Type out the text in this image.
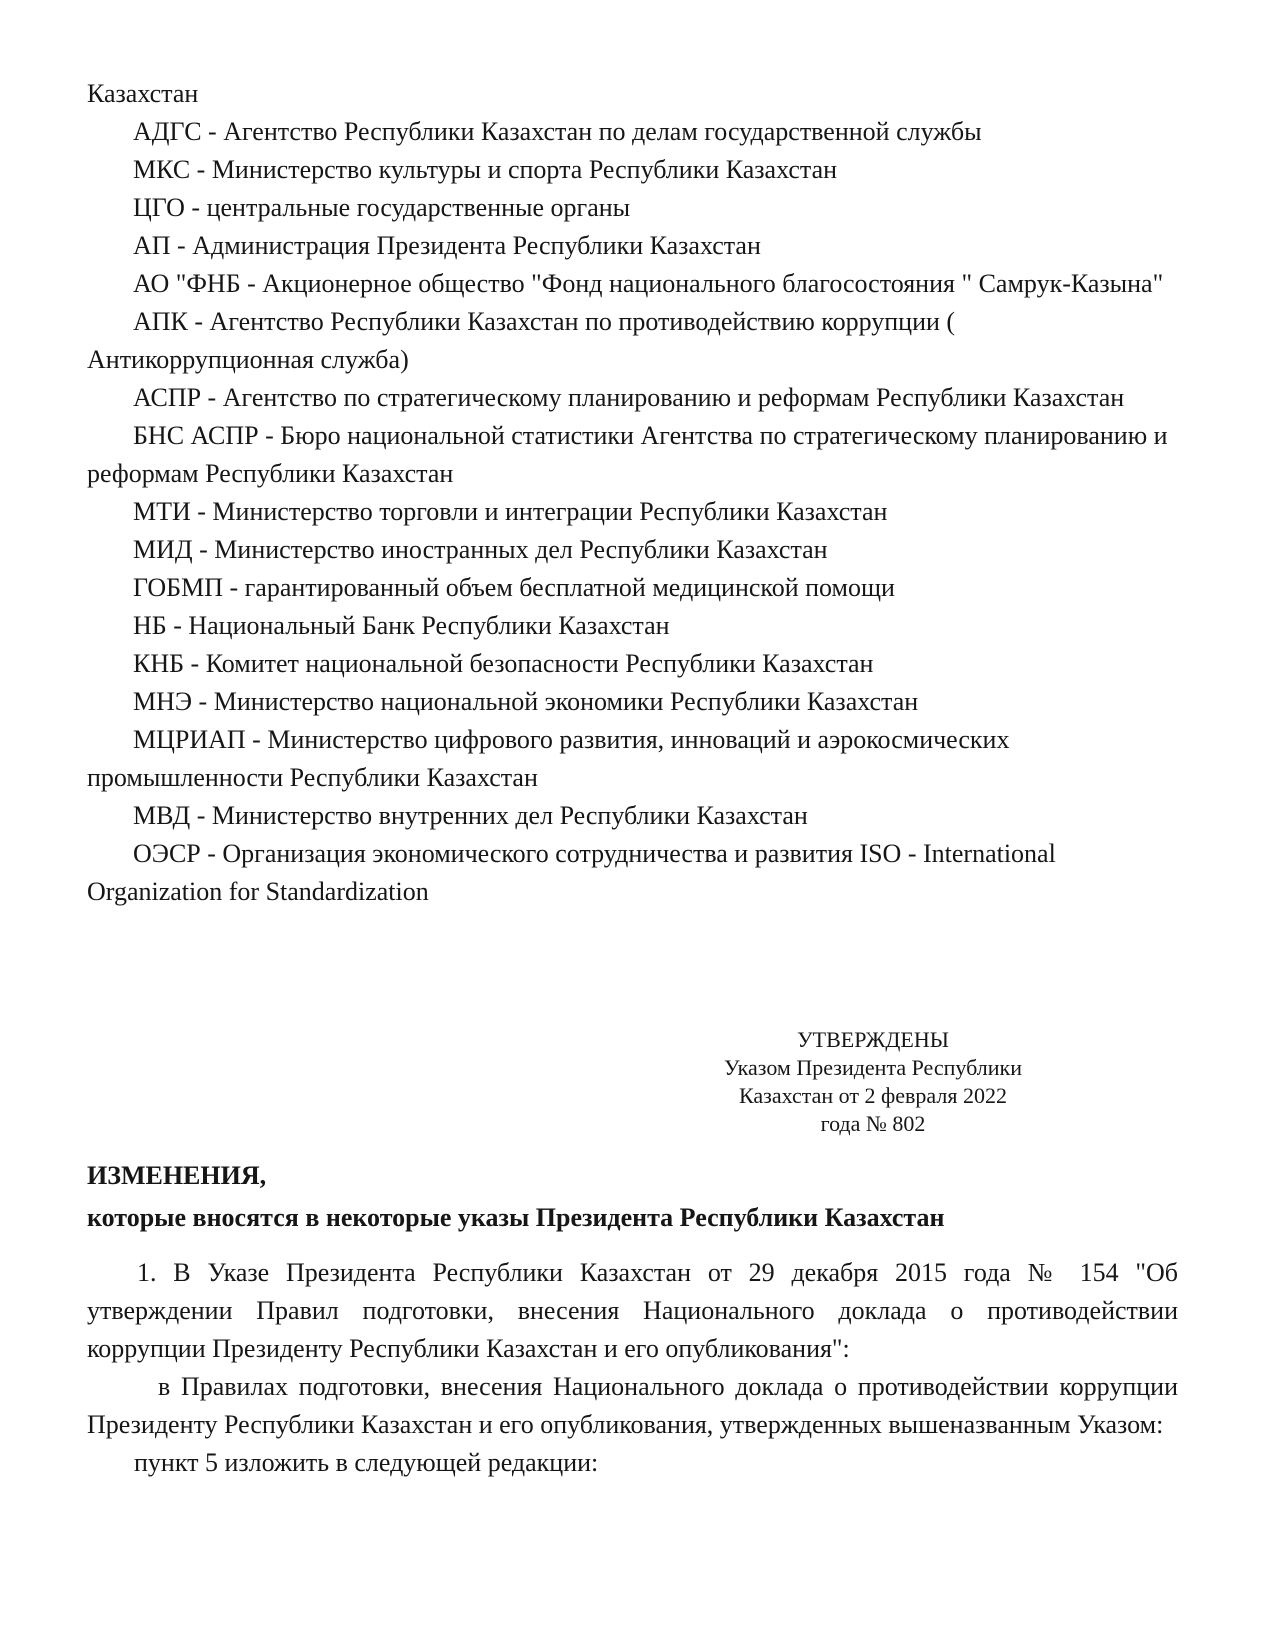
Казахстан

АДГС - Агентство Республики Казахстан по делам государственной службы

МКС - Министерство культуры и спорта Республики Казахстан

ЦГО - центральные государственные органы

АП - Администрация Президента Республики Казахстан

АО "ФНБ - Акционерное общество "Фонд национального благосостояния " Самрук-Казына"

АПК - Агентство Республики Казахстан по противодействию коррупции ( Антикоррупционная служба)

АСПР - Агентство по стратегическому планированию и реформам Республики Казахстан

БНС АСПР - Бюро национальной статистики Агентства по стратегическому планированию и реформам Республики Казахстан

МТИ - Министерство торговли и интеграции Республики Казахстан

МИД - Министерство иностранных дел Республики Казахстан

ГОБМП - гарантированный объем бесплатной медицинской помощи

НБ - Национальный Банк Республики Казахстан

КНБ - Комитет национальной безопасности Республики Казахстан

МНЭ - Министерство национальной экономики Республики Казахстан

МЦРИАП - Министерство цифрового развития, инноваций и аэрокосмических промышленности Республики Казахстан

МВД - Министерство внутренних дел Республики Казахстан

ОЭСР - Организация экономического сотрудничества и развития ISO - International Organization for Standardization

УТВЕРЖДЕНЫ
Указом Президента Республики
Казахстан от 2 февраля 2022
года № 802
ИЗМЕНЕНИЯ,
которые вносятся в некоторые указы Президента Республики Казахстан

1. В Указе Президента Республики Казахстан от 29 декабря 2015 года № 154 "Об утверждении Правил подготовки, внесения Национального доклада о противодействии коррупции Президенту Республики Казахстан и его опубликования":

в Правилах подготовки, внесения Национального доклада о противодействии коррупции Президенту Республики Казахстан и его опубликования, утвержденных вышеназванным Указом:

пункт 5 изложить в следующей редакции:
